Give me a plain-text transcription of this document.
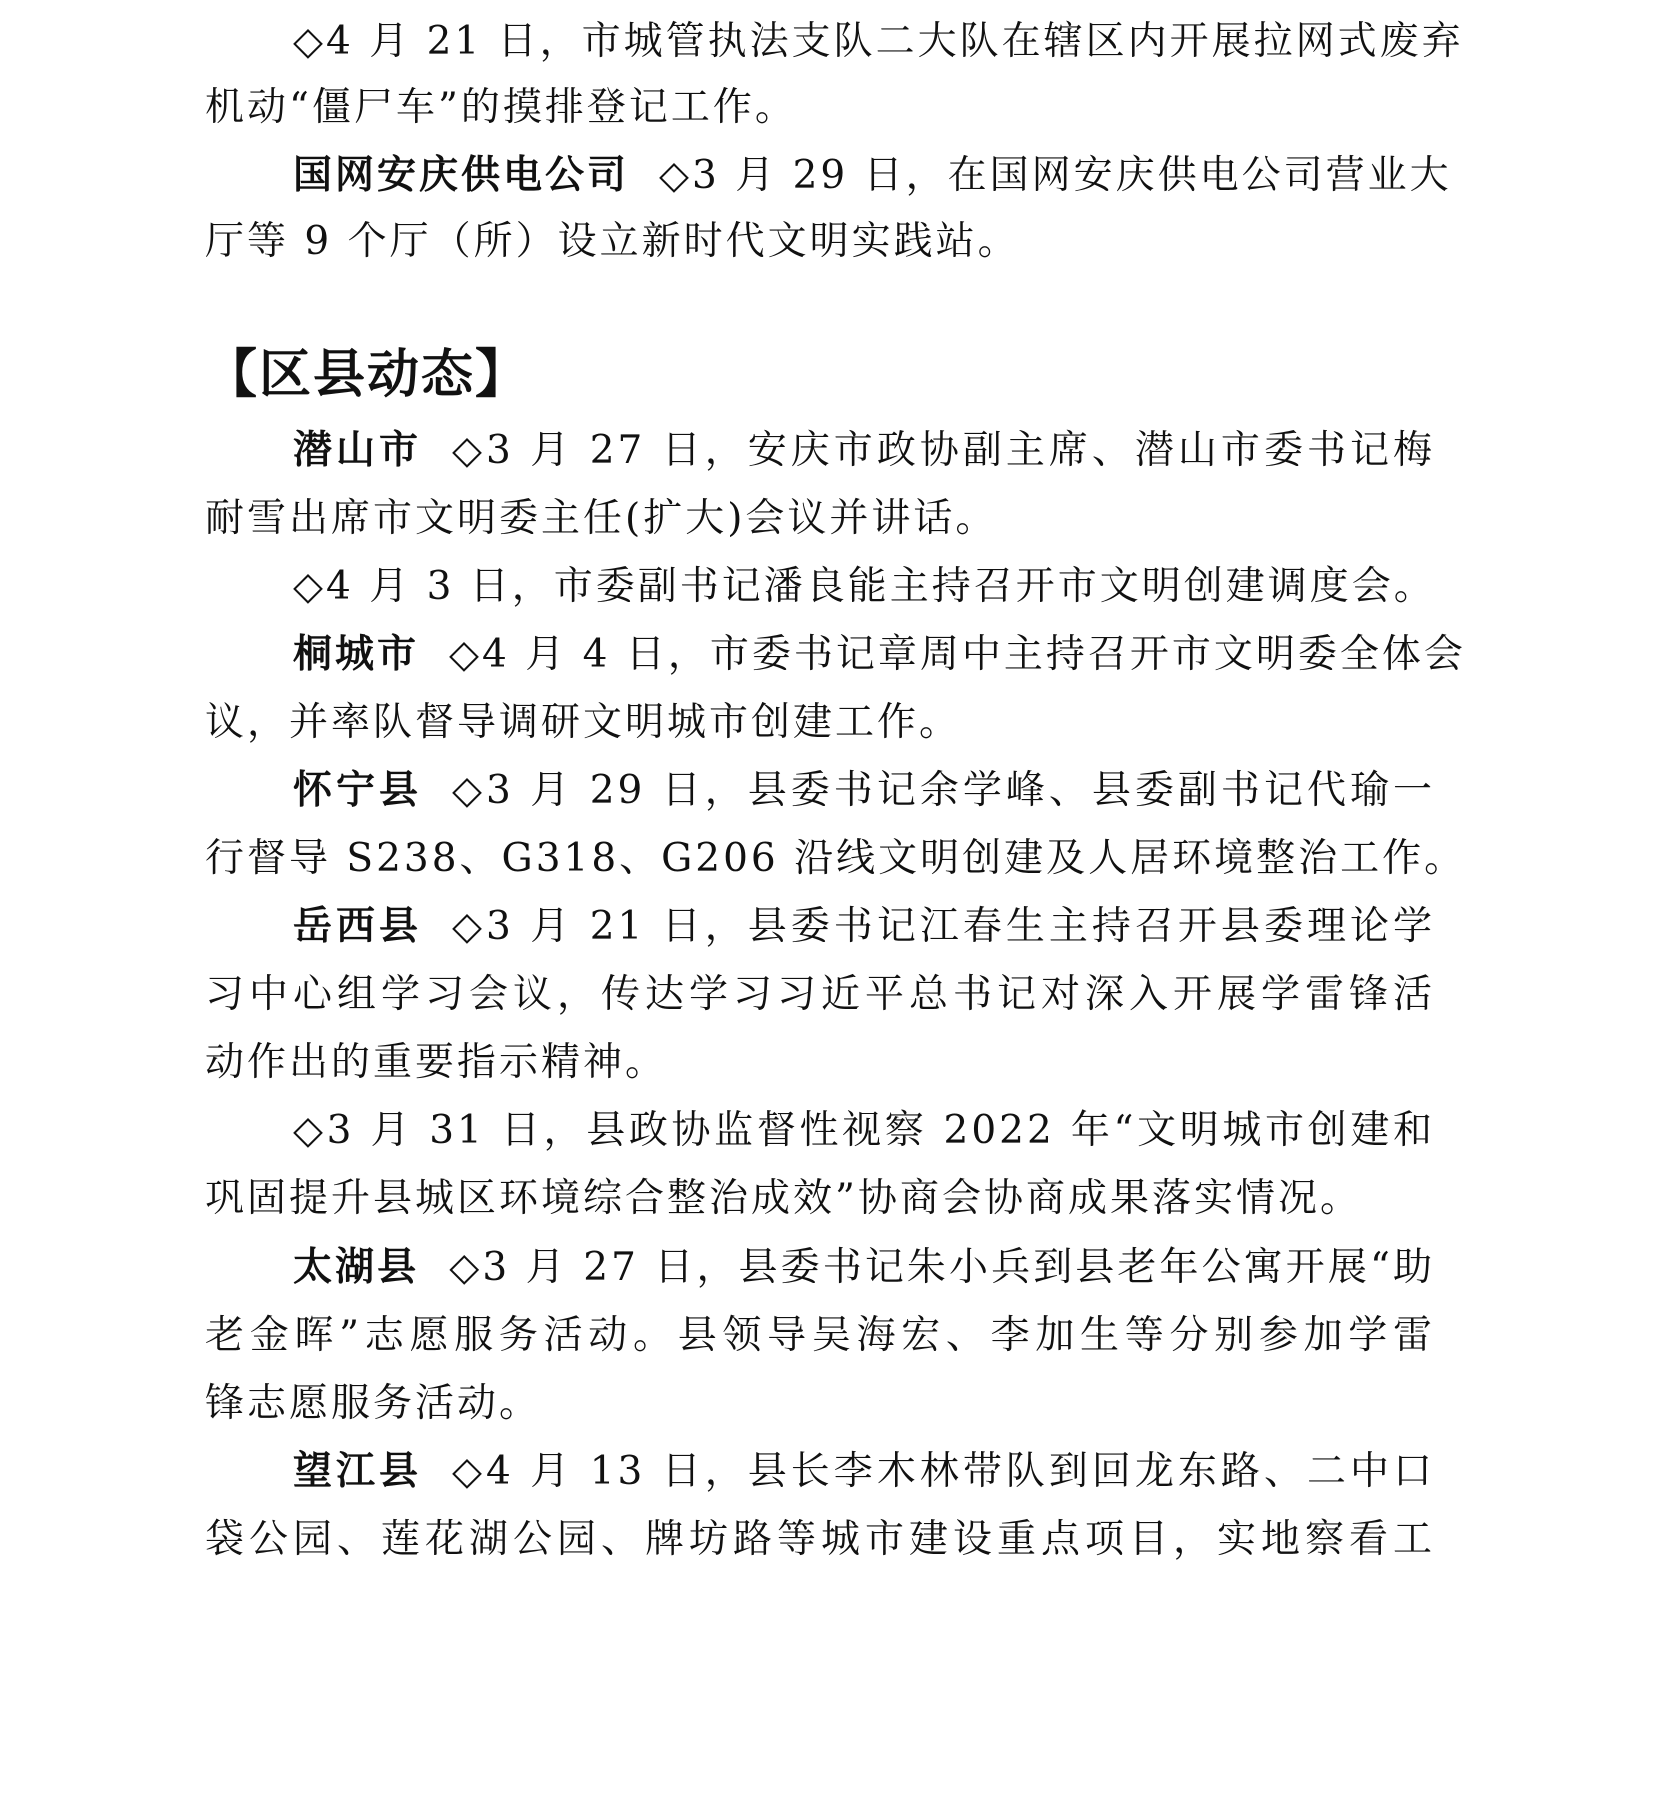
◇4 月 21 日，市城管执法支队二大队在辖区内开展拉网式废弃
机动“僵尸车”的摸排登记工作。
国网安庆供电公司 ◇3 月 29 日，在国网安庆供电公司营业大
厅等 9 个厅（所）设立新时代文明实践站。
【区县动态】
潜山市 ◇3 月 27 日，安庆市政协副主席、潜山市委书记梅
耐雪出席市文明委主任(扩大)会议并讲话。
◇4 月 3 日，市委副书记潘良能主持召开市文明创建调度会。
桐城市 ◇4 月 4 日，市委书记章周中主持召开市文明委全体会
议，并率队督导调研文明城市创建工作。
怀宁县 ◇3 月 29 日，县委书记余学峰、县委副书记代瑜一
行督导 S238、G318、G206 沿线文明创建及人居环境整治工作。
岳西县 ◇3 月 21 日，县委书记江春生主持召开县委理论学
习中心组学习会议，传达学习习近平总书记对深入开展学雷锋活
动作出的重要指示精神。
◇3 月 31 日，县政协监督性视察 2022 年“文明城市创建和
巩固提升县城区环境综合整治成效”协商会协商成果落实情况。
太湖县 ◇3 月 27 日，县委书记朱小兵到县老年公寓开展“助
老金晖”志愿服务活动。县领导吴海宏、李加生等分别参加学雷
锋志愿服务活动。
望江县 ◇4 月 13 日，县长李木林带队到回龙东路、二中口
袋公园、莲花湖公园、牌坊路等城市建设重点项目，实地察看工
